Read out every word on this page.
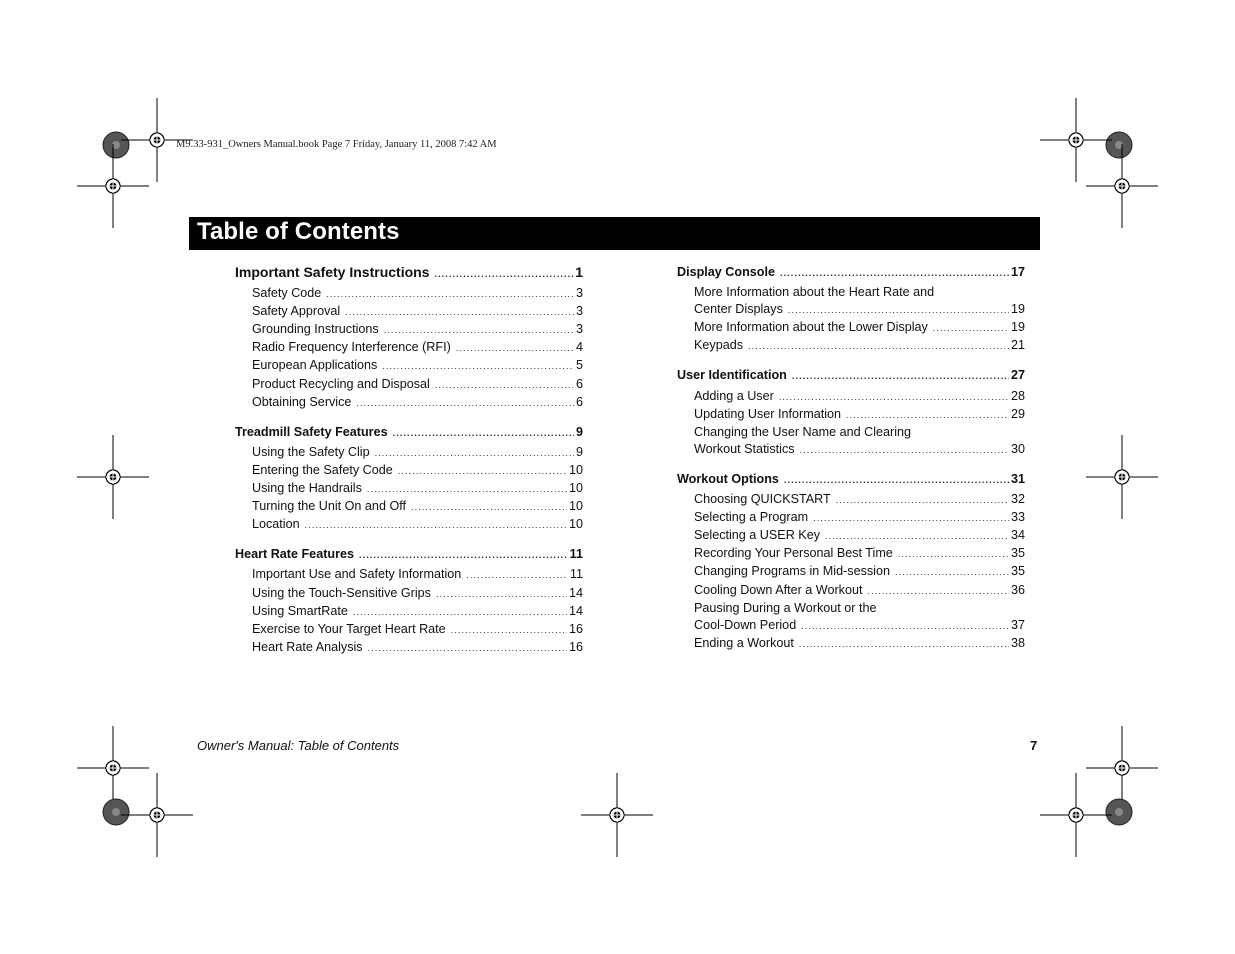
M9.33-931_Owners Manual.book Page 7 Friday, January 11, 2008 7:42 AM
Table of Contents
Important Safety Instructions .....	1
Safety Code .....	3
Safety Approval .....	3
Grounding Instructions .....	3
Radio Frequency Interference (RFI) .....	4
European Applications .....	5
Product Recycling and Disposal .....	6
Obtaining Service .....	6
Treadmill Safety Features .....	9
Using the Safety Clip .....	9
Entering the Safety Code .....	10
Using the Handrails .....	10
Turning the Unit On and Off .....	10
Location .....	10
Heart Rate Features .....	11
Important Use and Safety Information .....	11
Using the Touch-Sensitive Grips .....	14
Using SmartRate .....	14
Exercise to Your Target Heart Rate .....	16
Heart Rate Analysis .....	16
Display Console .....	17
More Information about the Heart Rate and
Center Displays .....	19
More Information about the Lower Display .....	19
Keypads .....	21
User Identification .....	27
Adding a User .....	28
Updating User Information .....	29
Changing the User Name and Clearing
Workout Statistics .....	30
Workout Options .....	31
Choosing QUICKSTART .....	32
Selecting a Program .....	33
Selecting a USER Key .....	34
Recording Your Personal Best Time .....	35
Changing Programs in Mid-session .....	35
Cooling Down After a Workout .....	36
Pausing During a Workout or the
Cool-Down Period .....	37
Ending a Workout .....	38
Owner's Manual: Table of Contents	7
